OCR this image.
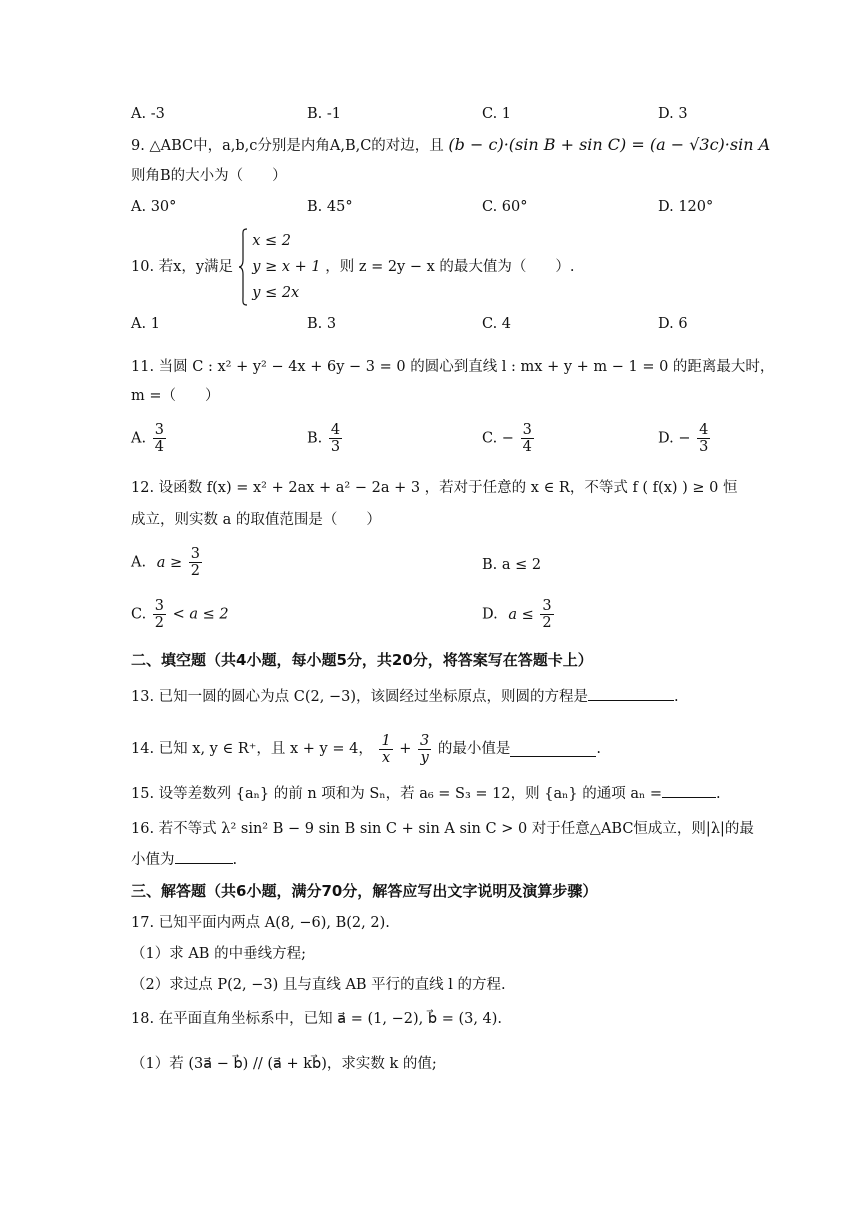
A. -3	B. -1	C. 1	D. 3
9. △ABC中，a,b,c分别是内角A,B,C的对边，且 (b − c)·(sin B + sin C) = (a − √3c)·sin A
则角B的大小为（　　）
A. 30°	B. 45°	C. 60°	D. 120°
10. 若x，y满足
x ≤ 2
y ≥ x + 1
y ≤ 2x
，则 z = 2y − x 的最大值为（　　）.
A. 1	B. 3	C. 4	D. 6
11. 当圆 C : x² + y² − 4x + 6y − 3 = 0 的圆心到直线 l : mx + y + m − 1 = 0 的距离最大时，
m =（　　）
A. $\frac{3}{4}$	B. $\frac{4}{3}$	C. − $\frac{3}{4}$	D. − $\frac{4}{3}$
12. 设函数 f(x) = x² + 2ax + a² − 2a + 3 ，若对于任意的 x ∈ R，不等式 f ( f(x) ) ≥ 0 恒
成立，则实数 a 的取值范围是（　　）
A. $a \ge \frac{3}{2}$	B. a ≤ 2
C. $\frac{3}{2} < a \le 2$	D. $a \le \frac{3}{2}$
二、填空题（共4小题，每小题5分，共20分，将答案写在答题卡上）
13. 已知一圆的圆心为点 C(2, −3)，该圆经过坐标原点，则圆的方程是	.
14. 已知 x, y ∈ R⁺，且 x + y = 4， $\frac{1}{x} + \frac{3}{y}$ 的最小值是	.
15. 设等差数列 {aₙ} 的前 n 项和为 Sₙ，若 a₆ = S₃ = 12，则 {aₙ} 的通项 aₙ =	.
16. 若不等式 λ² sin² B − 9 sin B sin C + sin A sin C > 0 对于任意△ABC恒成立，则|λ|的最
小值为	.
三、解答题（共6小题，满分70分，解答应写出文字说明及演算步骤）
17. 已知平面内两点 A(8, −6), B(2, 2).
（1）求 AB 的中垂线方程;
（2）求过点 P(2, −3) 且与直线 AB 平行的直线 l 的方程.
18. 在平面直角坐标系中，已知 a⃗ = (1, −2), b⃗ = (3, 4).
（1）若 (3a⃗ − b⃗) // (a⃗ + kb⃗)，求实数 k 的值;
